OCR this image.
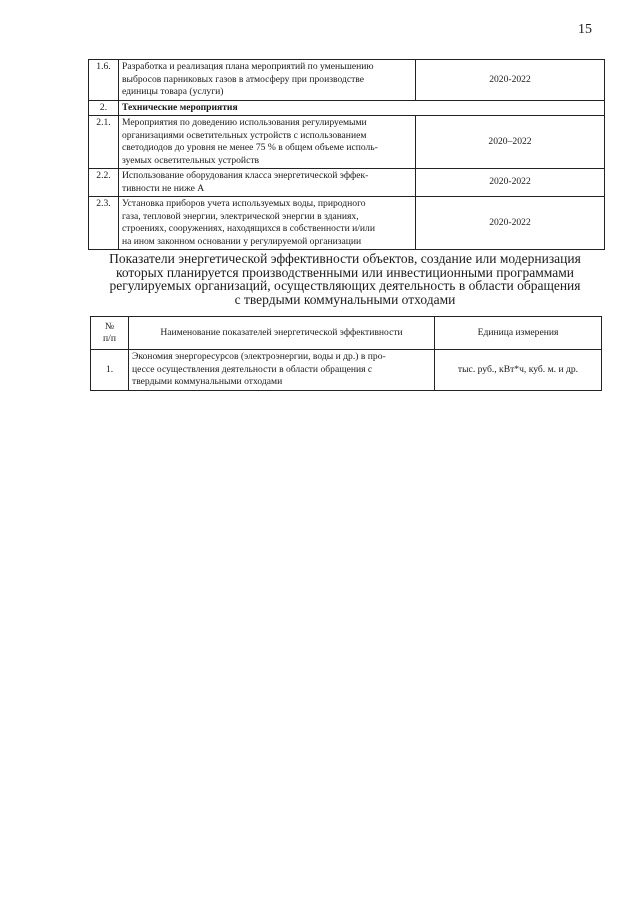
15
1.6.	Разработка и реализация плана мероприятий по уменьшению
выбросов парниковых газов в атмосферу при производстве
единицы товара (услуги)	2020-2022
2.	Технические мероприятия	
2.1.	Мероприятия по доведению использования регулируемыми
организациями осветительных устройств с использованием
светодиодов до уровня не менее 75 % в общем объеме исполь-
зуемых осветительных устройств	2020–2022
2.2.	Использование оборудования класса энергетической эффек-
тивности не ниже А	2020-2022
2.3.	Установка приборов учета используемых воды, природного
газа, тепловой энергии, электрической энергии в зданиях,
строениях, сооружениях, находящихся в собственности и/или
на ином законном основании у регулируемой организации	2020-2022
Показатели энергетической эффективности объектов, создание или модернизация
которых планируется производственными или инвестиционными программами
регулируемых организаций, осуществляющих деятельность в области обращения
с твердыми коммунальными отходами
№
п/п	Наименование показателей энергетической эффективности	Единица измерения
1.	Экономия энергоресурсов (электроэнергии, воды и др.) в про-
цессе осуществления деятельности в области обращения с
твердыми коммунальными отходами	тыс. руб., кВт*ч, куб. м. и др.
